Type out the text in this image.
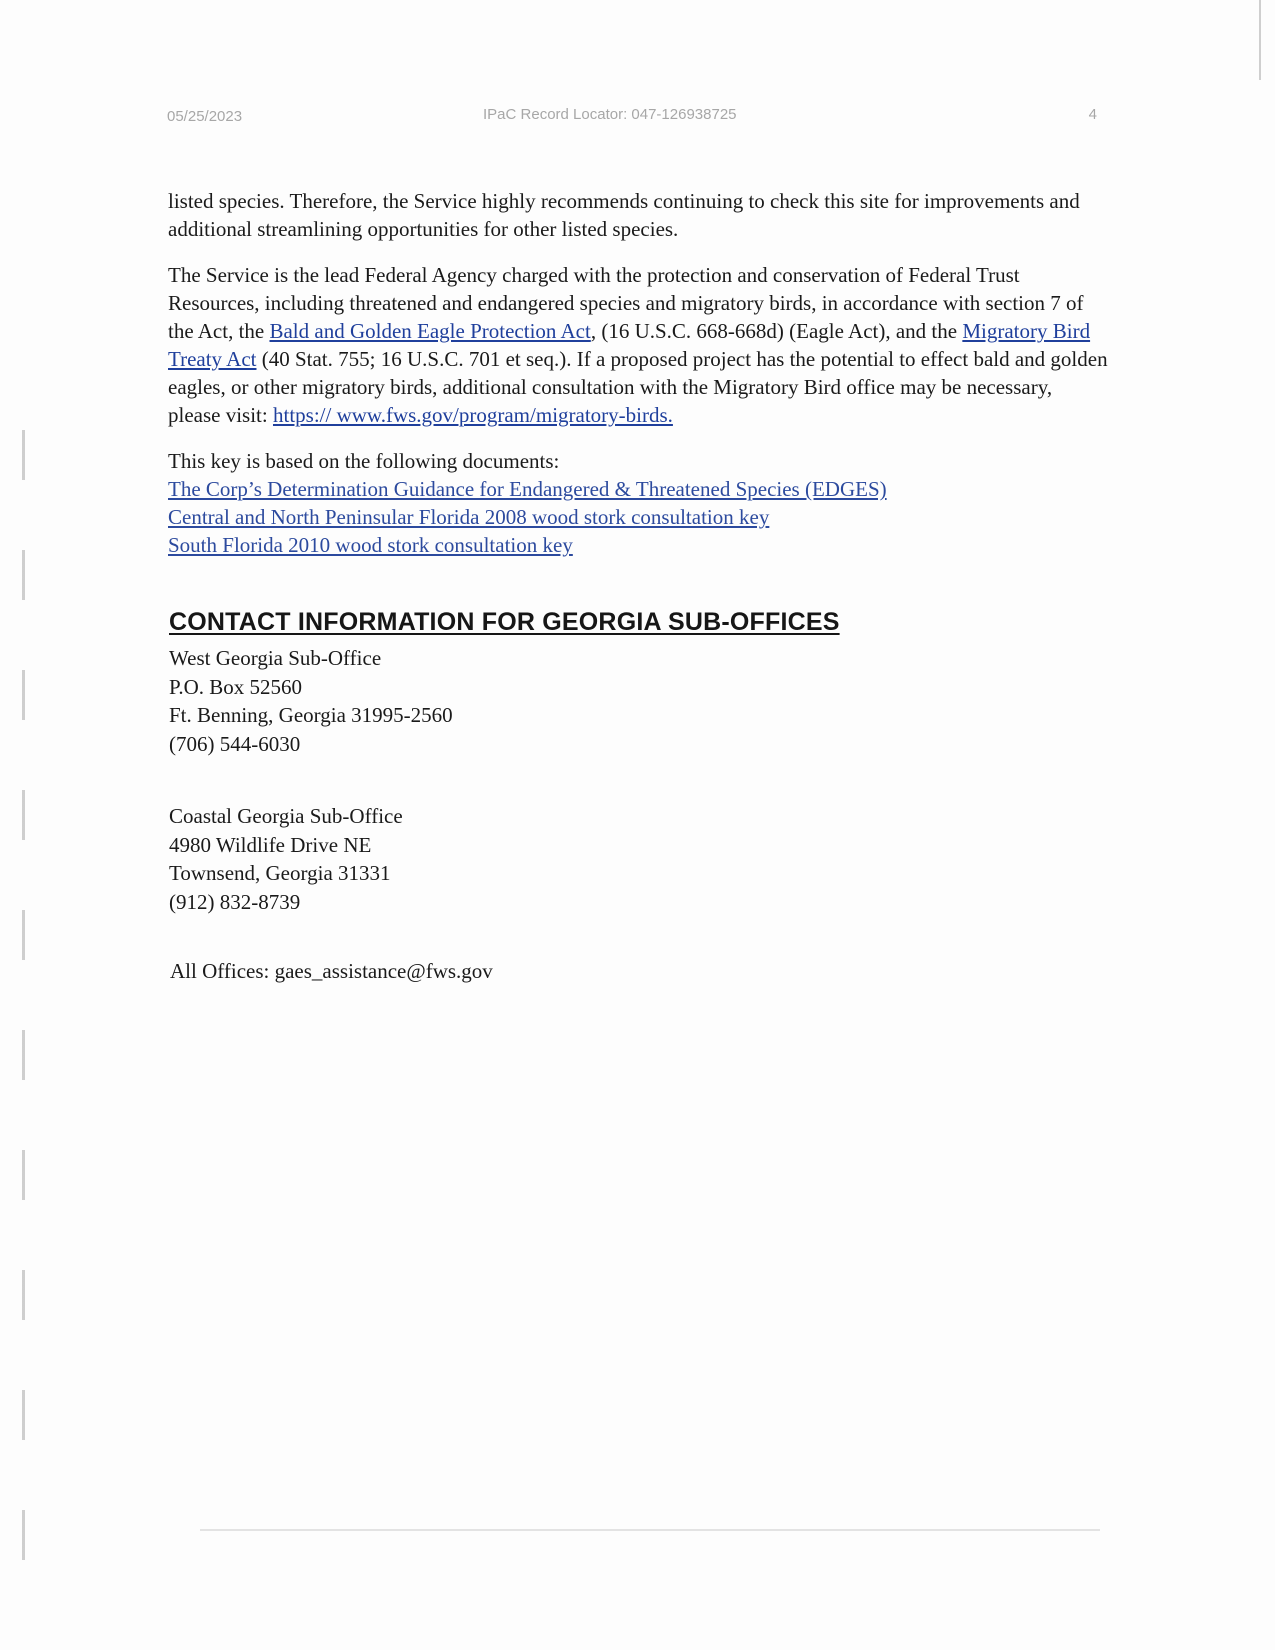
05/25/2023	IPaC Record Locator: 047-126938725	4

listed species. Therefore, the Service highly recommends continuing to check this site for improvements and additional streamlining opportunities for other listed species.

The Service is the lead Federal Agency charged with the protection and conservation of Federal Trust Resources, including threatened and endangered species and migratory birds, in accordance with section 7 of the Act, the Bald and Golden Eagle Protection Act, (16 U.S.C. 668-668d) (Eagle Act), and the Migratory Bird Treaty Act (40 Stat. 755; 16 U.S.C. 701 et seq.). If a proposed project has the potential to effect bald and golden eagles, or other migratory birds, additional consultation with the Migratory Bird office may be necessary, please visit: https:// www.fws.gov/program/migratory-birds.

This key is based on the following documents:

The Corp’s Determination Guidance for Endangered & Threatened Species (EDGES)
Central and North Peninsular Florida 2008 wood stork consultation key
South Florida 2010 wood stork consultation key
CONTACT INFORMATION FOR GEORGIA SUB-OFFICES
West Georgia Sub-Office
P.O. Box 52560
Ft. Benning, Georgia 31995-2560
(706) 544-6030
Coastal Georgia Sub-Office
4980 Wildlife Drive NE
Townsend, Georgia 31331
(912) 832-8739
All Offices: gaes_assistance@fws.gov
